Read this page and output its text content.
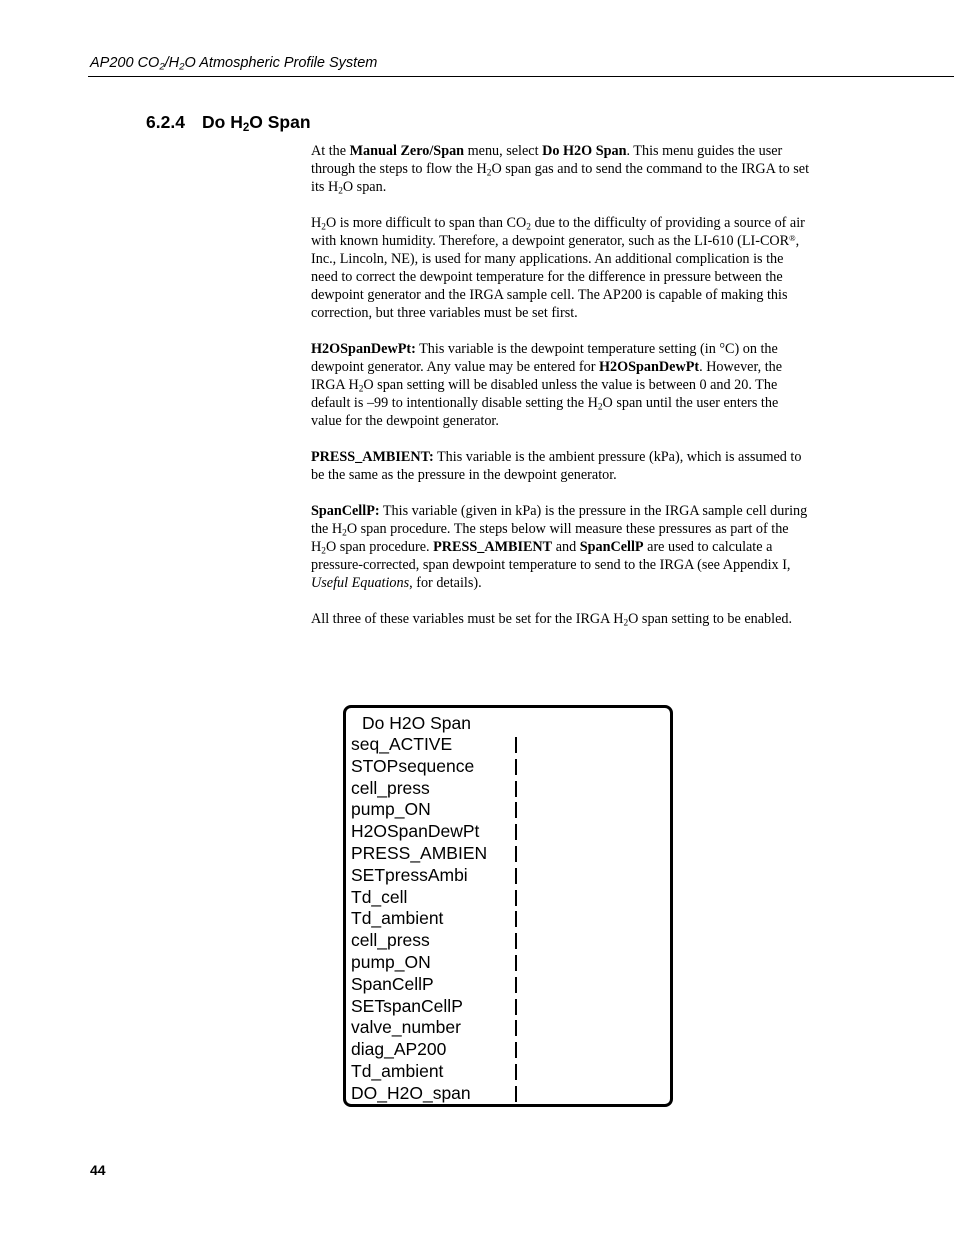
AP200 $CO_2/H_2O$ Atmospheric Profile System
6.2.4 Do $H_2O$ Span

At the Manual Zero/Span menu, select Do H2O Span. This menu guides the user through the steps to flow the $H_2O$ span gas and to send the command to the IRGA to set its $H_2O$ span.

$H_2O$ is more difficult to span than $CO_2$ due to the difficulty of providing a source of air with known humidity. Therefore, a dewpoint generator, such as the LI-610 (LI-COR®, Inc., Lincoln, NE), is used for many applications. An additional complication is the need to correct the dewpoint temperature for the difference in pressure between the dewpoint generator and the IRGA sample cell. The AP200 is capable of making this correction, but three variables must be set first.

H2OSpanDewPt: This variable is the dewpoint temperature setting (in °C) on the dewpoint generator. Any value may be entered for H2OSpanDewPt. However, the IRGA $H_2O$ span setting will be disabled unless the value is between 0 and 20. The default is –99 to intentionally disable setting the $H_2O$ span until the user enters the value for the dewpoint generator.

PRESS_AMBIENT: This variable is the ambient pressure (kPa), which is assumed to be the same as the pressure in the dewpoint generator.

SpanCellP: This variable (given in kPa) is the pressure in the IRGA sample cell during the $H_2O$ span procedure. The steps below will measure these pressures as part of the $H_2O$ span procedure. PRESS_AMBIENT and SpanCellP are used to calculate a pressure-corrected, span dewpoint temperature to send to the IRGA (see Appendix I, Useful Equations, for details).

All three of these variables must be set for the IRGA $H_2O$ span setting to be enabled.

Do H2O Span
seq_ACTIVE
STOPsequence
cell_press
pump_ON
H2OSpanDewPt
PRESS_AMBIEN
SETpressAmbi
Td_cell
Td_ambient
cell_press
pump_ON
SpanCellP
SETspanCellP
valve_number
diag_AP200
Td_ambient
DO_H2O_span
44
